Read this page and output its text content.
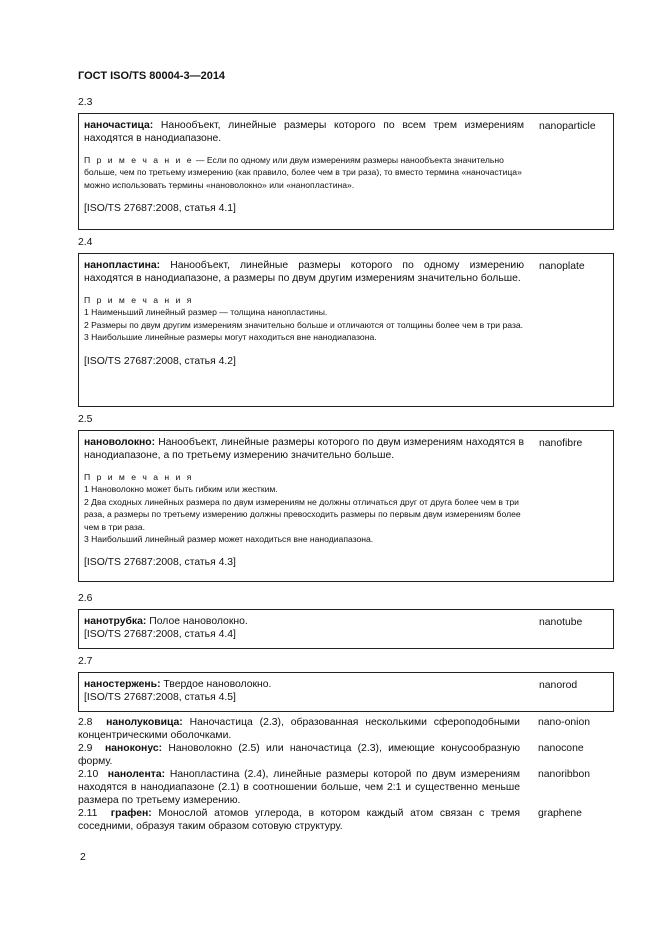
ГОСТ ISO/TS 80004-3—2014
2.3
наночастица: Нанообъект, линейные размеры которого по всем трем измерениям находятся в нанодиапазоне.
nanoparticle
П р и м е ч а н и е — Если по одному или двум измерениям размеры нанообъекта значительно больше, чем по третьему измерению (как правило, более чем в три раза), то вместо термина «наночастица» можно использовать термины «нановолокно» или «нанопластина».
[ISO/TS 27687:2008, статья 4.1]
2.4
нанопластина: Нанообъект, линейные размеры которого по одному измерению находятся в нанодиапазоне, а размеры по двум другим измерениям значительно больше.
nanoplate
П р и м е ч а н и я
1 Наименьший линейный размер — толщина нанопластины.
2 Размеры по двум другим измерениям значительно больше и отличаются от толщины более чем в три раза.
3 Наибольшие линейные размеры могут находиться вне нанодиапазона.
[ISO/TS 27687:2008, статья 4.2]
2.5
нановолокно: Нанообъект, линейные размеры которого по двум измерениям находятся в нанодиапазоне, а по третьему измерению значительно больше.
nanofibre
П р и м е ч а н и я
1 Нановолокно может быть гибким или жестким.
2 Два сходных линейных размера по двум измерениям не должны отличаться друг от друга более чем в три раза, а размеры по третьему измерению должны превосходить размеры по первым двум измерениям более чем в три раза.
3 Наибольший линейный размер может находиться вне нанодиапазона.
[ISO/TS 27687:2008, статья 4.3]
2.6
нанотрубка: Полое нановолокно.	nanotube
[ISO/TS 27687:2008, статья 4.4]
2.7
наностержень: Твердое нановолокно.	nanorod
[ISO/TS 27687:2008, статья 4.5]
2.8 нанолуковица: Наночастица (2.3), образованная несколькими сфероподобными концентрическими оболочками.
nano-onion
2.9 наноконус: Нановолокно (2.5) или наночастица (2.3), имеющие конусообразную форму.
nanocone
2.10 нанолента: Нанопластина (2.4), линейные размеры которой по двум измерениям находятся в нанодиапазоне (2.1) в соотношении больше, чем 2:1 и существенно меньше размера по третьему измерению.
nanoribbon
2.11 графен: Монослой атомов углерода, в котором каждый атом связан с тремя соседними, образуя таким образом сотовую структуру.
graphene
2
